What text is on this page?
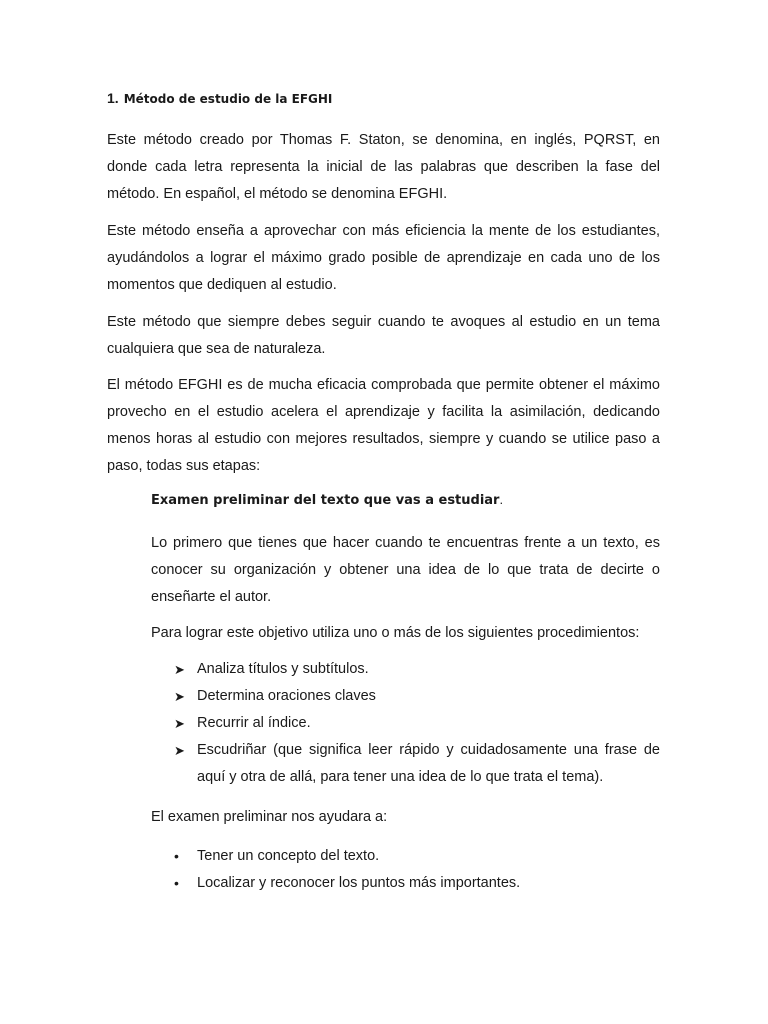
1. Método de estudio de la EFGHI

Este método creado por Thomas F. Staton, se denomina, en inglés, PQRST, en donde cada letra representa la inicial de las palabras que describen la fase del método. En español, el método se denomina EFGHI.

Este método enseña a aprovechar con más eficiencia la mente de los estudiantes, ayudándolos a lograr el máximo grado posible de aprendizaje en cada uno de los momentos que dediquen al estudio.

Este método que siempre debes seguir cuando te avoques al estudio en un tema cualquiera que sea de naturaleza.

El método EFGHI es de mucha eficacia comprobada que permite obtener el máximo provecho en el estudio acelera el aprendizaje y facilita la asimilación, dedicando menos horas al estudio con mejores resultados, siempre y cuando se utilice paso a paso, todas sus etapas:

Examen preliminar del texto que vas a estudiar.

Lo primero que tienes que hacer cuando te encuentras frente a un texto, es conocer su organización y obtener una idea de lo que trata de decirte o enseñarte el autor.

Para lograr este objetivo utiliza uno o más de los siguientes procedimientos:

➤ Analiza títulos y subtítulos.
➤ Determina oraciones claves
➤ Recurrir al índice.
➤ Escudriñar (que significa leer rápido y cuidadosamente una frase de aquí y otra de allá, para tener una idea de lo que trata el tema).

El examen preliminar nos ayudara a:

• Tener un concepto del texto.
• Localizar y reconocer los puntos más importantes.
